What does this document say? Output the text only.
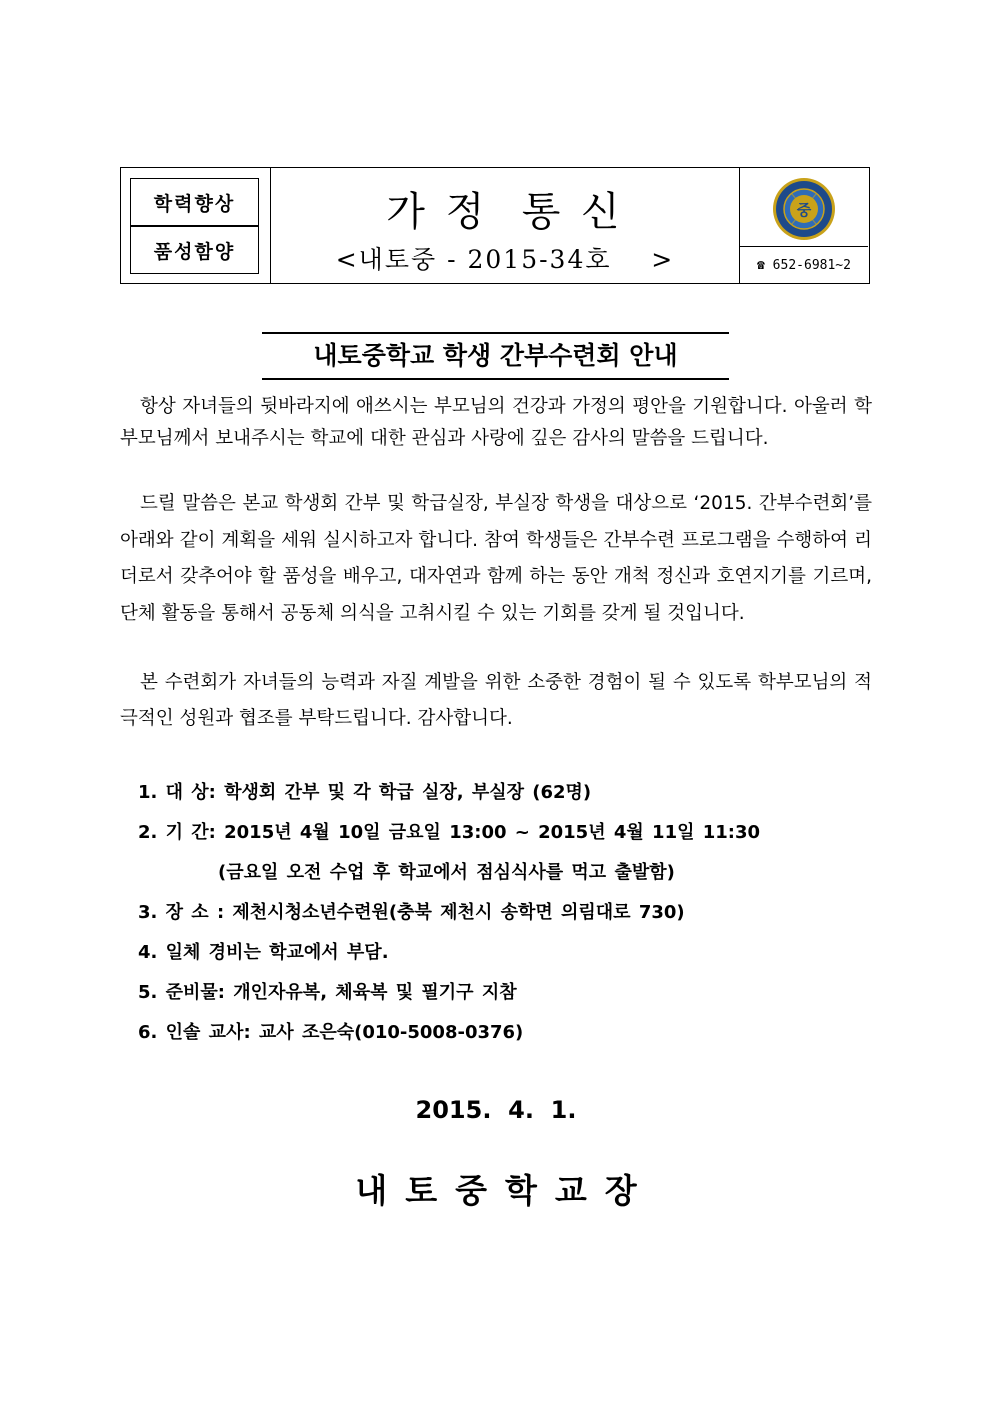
학력향상
품성함양
가 정  통 신
<내토중 - 2015-34호    >
중
☎ 652-6981~2
내토중학교 학생 간부수련회 안내

항상 자녀들의 뒷바라지에 애쓰시는 부모님의 건강과 가정의 평안을 기원합니다. 아울러 학부모님께서 보내주시는 학교에 대한 관심과 사랑에 깊은 감사의 말씀을 드립니다.

드릴 말씀은 본교 학생회 간부 및 학급실장, 부실장 학생을 대상으로 ‘2015. 간부수련회’를 아래와 같이 계획을 세워 실시하고자 합니다. 참여 학생들은 간부수련 프로그램을 수행하여 리더로서 갖추어야 할 품성을 배우고, 대자연과 함께 하는 동안 개척 정신과 호연지기를 기르며, 단체 활동을 통해서 공동체 의식을 고취시킬 수 있는 기회를 갖게 될 것입니다.

본 수련회가 자녀들의 능력과 자질 계발을 위한 소중한 경험이 될 수 있도록 학부모님의 적극적인 성원과 협조를 부탁드립니다. 감사합니다.

1. 대 상: 학생회 간부 및 각 학급 실장, 부실장 (62명)
2. 기 간: 2015년 4월 10일 금요일 13:00 ~ 2015년 4월 11일 11:30
(금요일 오전 수업 후 학교에서 점심식사를 먹고 출발함)
3. 장 소 : 제천시청소년수련원(충북 제천시 송학면 의림대로 730)
4. 일체 경비는 학교에서 부담.
5. 준비물: 개인자유복, 체육복 및 필기구 지참
6. 인솔 교사: 교사 조은숙(010-5008-0376)
2015.  4.  1.
내토중학교장
